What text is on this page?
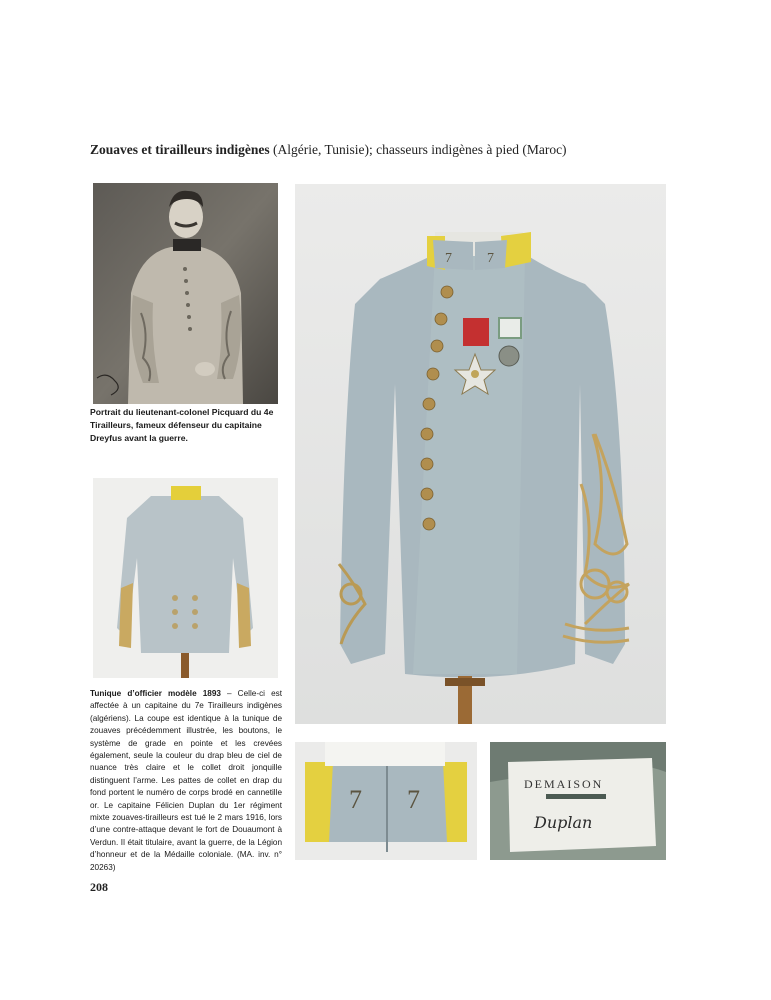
Zouaves et tirailleurs indigènes (Algérie, Tunisie); chasseurs indigènes à pied (Maroc)
Portrait du lieutenant-colonel Picquard du 4e Tirailleurs, fameux défenseur du capitaine Dreyfus avant la guerre.
Tunique d’officier modèle 1893 – Celle-ci est affectée à un capitaine du 7e Tirailleurs indigènes (algériens). La coupe est identique à la tunique de zouaves précédemment illustrée, les boutons, le système de grade en pointe et les crevées également, seule la couleur du drap bleu de ciel de nuance très claire et le collet droit jonquille distinguent l’arme. Les pattes de collet en drap du fond portent le numéro de corps brodé en cannetille or. Le capitaine Félicien Duplan du 1er régiment mixte zouaves-tirailleurs est tué le 2 mars 1916, lors d’une contre-attaque devant le fort de Douaumont à Verdun. Il était titulaire, avant la guerre, de la Légion d’honneur et de la Médaille coloniale. (MA. inv. n° 20263)
7	7
7 7
DEMAISON
Duplan
208
